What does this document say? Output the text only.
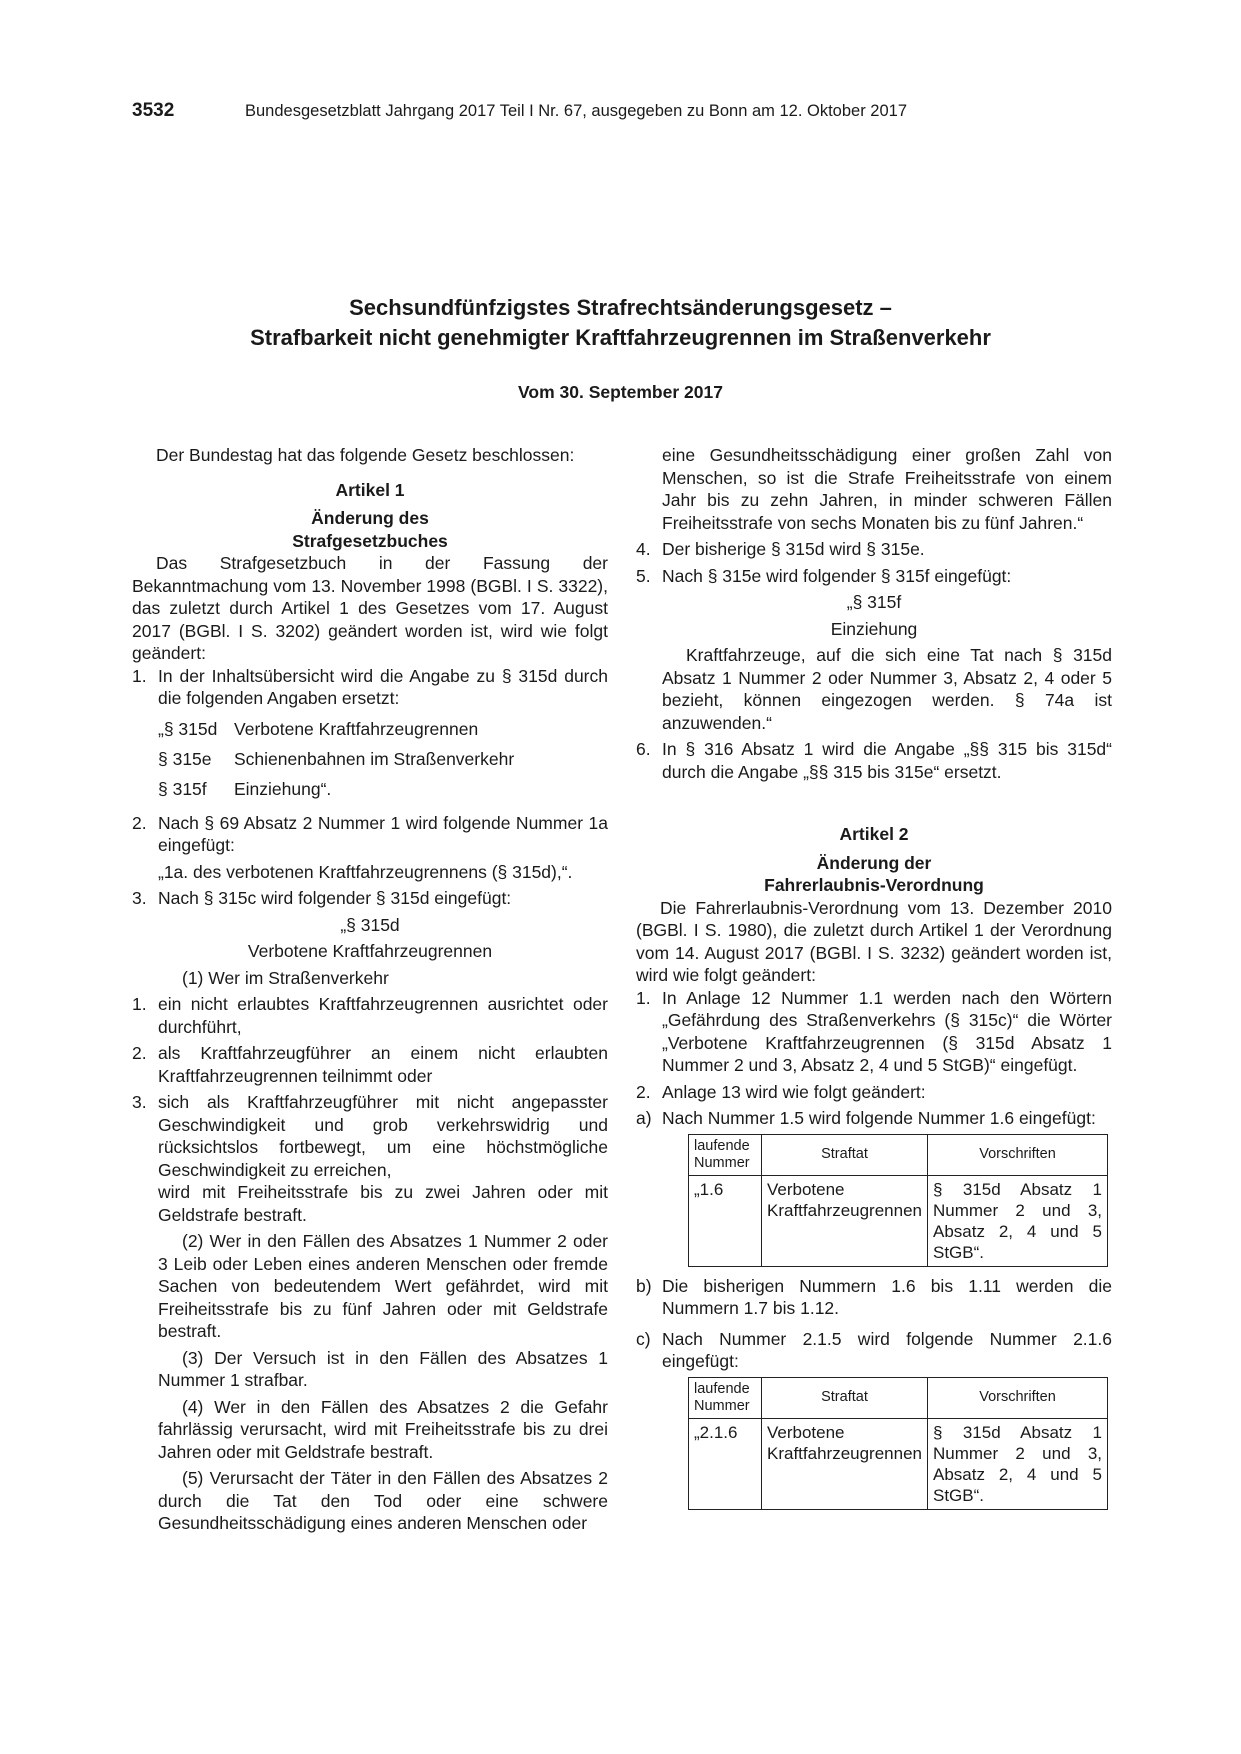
3532	Bundesgesetzblatt Jahrgang 2017 Teil I Nr. 67, ausgegeben zu Bonn am 12. Oktober 2017
Sechsundfünfzigstes Strafrechtsänderungsgesetz –
Strafbarkeit nicht genehmigter Kraftfahrzeugrennen im Straßenverkehr
Vom 30. September 2017

Der Bundestag hat das folgende Gesetz beschlossen:

Artikel 1

Änderung des

Strafgesetzbuches

Das Strafgesetzbuch in der Fassung der Bekanntmachung vom 13. November 1998 (BGBl. I S. 3322), das zuletzt durch Artikel 1 des Gesetzes vom 17. August 2017 (BGBl. I S. 3202) geändert worden ist, wird wie folgt geändert:

1. In der Inhaltsübersicht wird die Angabe zu § 315d durch die folgenden Angaben ersetzt:

„§ 315d Verbotene Kraftfahrzeugrennen
§ 315e	Schienenbahnen im Straßenverkehr
§ 315f	Einziehung“.

2. Nach § 69 Absatz 2 Nummer 1 wird folgende Nummer 1a eingefügt:

„1a. des verbotenen Kraftfahrzeugrennens (§ 315d),“.

3. Nach § 315c wird folgender § 315d eingefügt:

„§ 315d

Verbotene Kraftfahrzeugrennen

(1) Wer im Straßenverkehr

1. ein nicht erlaubtes Kraftfahrzeugrennen ausrichtet oder durchführt,

2. als Kraftfahrzeugführer an einem nicht erlaubten Kraftfahrzeugrennen teilnimmt oder

3. sich als Kraftfahrzeugführer mit nicht angepasster Geschwindigkeit und grob verkehrswidrig und rücksichtslos fortbewegt, um eine höchstmögliche Geschwindigkeit zu erreichen,

wird mit Freiheitsstrafe bis zu zwei Jahren oder mit Geldstrafe bestraft.

(2) Wer in den Fällen des Absatzes 1 Nummer 2 oder 3 Leib oder Leben eines anderen Menschen oder fremde Sachen von bedeutendem Wert gefährdet, wird mit Freiheitsstrafe bis zu fünf Jahren oder mit Geldstrafe bestraft.

(3) Der Versuch ist in den Fällen des Absatzes 1 Nummer 1 strafbar.

(4) Wer in den Fällen des Absatzes 2 die Gefahr fahrlässig verursacht, wird mit Freiheitsstrafe bis zu drei Jahren oder mit Geldstrafe bestraft.

(5) Verursacht der Täter in den Fällen des Absatzes 2 durch die Tat den Tod oder eine schwere Gesundheitsschädigung eines anderen Menschen oder

eine Gesundheitsschädigung einer großen Zahl von Menschen, so ist die Strafe Freiheitsstrafe von einem Jahr bis zu zehn Jahren, in minder schweren Fällen Freiheitsstrafe von sechs Monaten bis zu fünf Jahren.“

4. Der bisherige § 315d wird § 315e.

5. Nach § 315e wird folgender § 315f eingefügt:

„§ 315f

Einziehung

Kraftfahrzeuge, auf die sich eine Tat nach § 315d Absatz 1 Nummer 2 oder Nummer 3, Absatz 2, 4 oder 5 bezieht, können eingezogen werden. § 74a ist anzuwenden.“

6. In § 316 Absatz 1 wird die Angabe „§§ 315 bis 315d“ durch die Angabe „§§ 315 bis 315e“ ersetzt.

Artikel 2

Änderung der

Fahrerlaubnis-Verordnung

Die Fahrerlaubnis-Verordnung vom 13. Dezember 2010 (BGBl. I S. 1980), die zuletzt durch Artikel 1 der Verordnung vom 14. August 2017 (BGBl. I S. 3232) geändert worden ist, wird wie folgt geändert:

1. In Anlage 12 Nummer 1.1 werden nach den Wörtern „Gefährdung des Straßenverkehrs (§ 315c)“ die Wörter „Verbotene Kraftfahrzeugrennen (§ 315d Absatz 1 Nummer 2 und 3, Absatz 2, 4 und 5 StGB)“ eingefügt.

2. Anlage 13 wird wie folgt geändert:

a) Nach Nummer 1.5 wird folgende Nummer 1.6 eingefügt:

laufende Nummer	Straftat	Vorschriften
„1.6	Verbotene Kraftfahrzeugrennen	§ 315d Absatz 1 Nummer 2 und 3, Absatz 2, 4 und 5 StGB“.

b) Die bisherigen Nummern 1.6 bis 1.11 werden die Nummern 1.7 bis 1.12.

c) Nach Nummer 2.1.5 wird folgende Nummer 2.1.6 eingefügt:

laufende Nummer	Straftat	Vorschriften
„2.1.6	Verbotene Kraftfahrzeugrennen	§ 315d Absatz 1 Nummer 2 und 3, Absatz 2, 4 und 5 StGB“.
